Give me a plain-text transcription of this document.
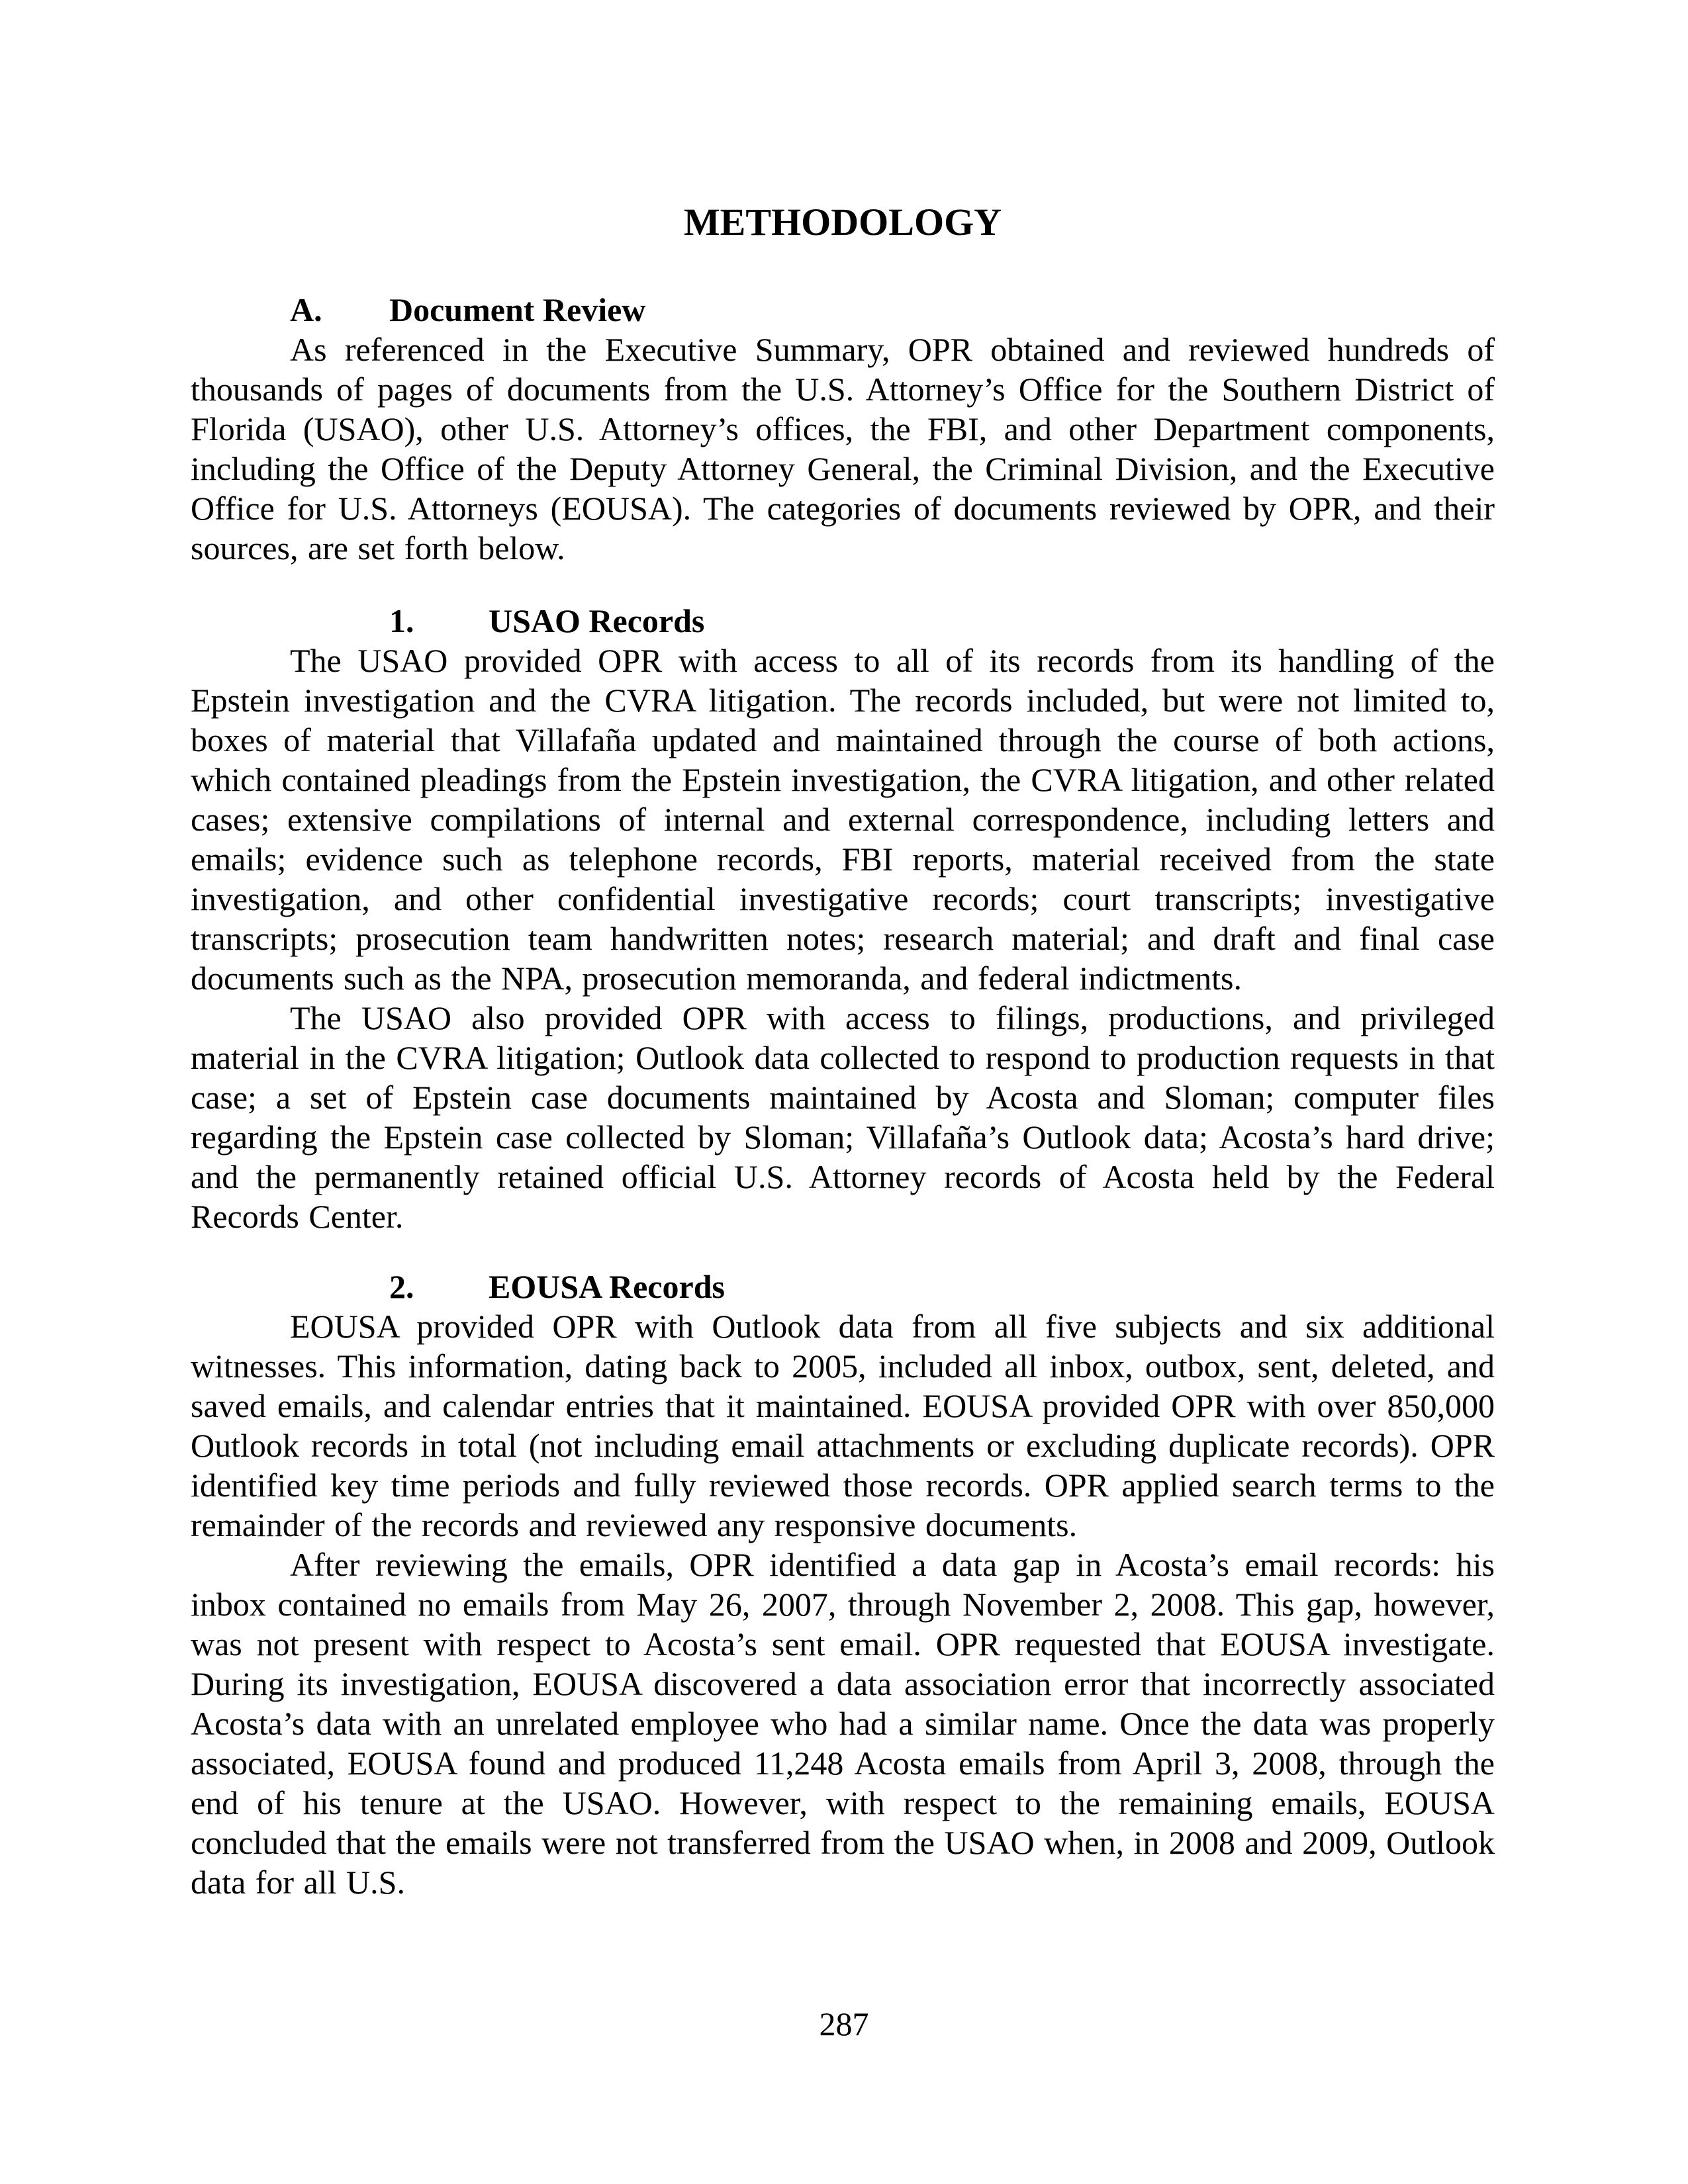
METHODOLOGY
A. Document Review

As referenced in the Executive Summary, OPR obtained and reviewed hundreds of thousands of pages of documents from the U.S. Attorney’s Office for the Southern District of Florida (USAO), other U.S. Attorney’s offices, the FBI, and other Department components, including the Office of the Deputy Attorney General, the Criminal Division, and the Executive Office for U.S. Attorneys (EOUSA). The categories of documents reviewed by OPR, and their sources, are set forth below.

1. USAO Records

The USAO provided OPR with access to all of its records from its handling of the Epstein investigation and the CVRA litigation. The records included, but were not limited to, boxes of material that Villafaña updated and maintained through the course of both actions, which contained pleadings from the Epstein investigation, the CVRA litigation, and other related cases; extensive compilations of internal and external correspondence, including letters and emails; evidence such as telephone records, FBI reports, material received from the state investigation, and other confidential investigative records; court transcripts; investigative transcripts; prosecution team handwritten notes; research material; and draft and final case documents such as the NPA, prosecution memoranda, and federal indictments.

The USAO also provided OPR with access to filings, productions, and privileged material in the CVRA litigation; Outlook data collected to respond to production requests in that case; a set of Epstein case documents maintained by Acosta and Sloman; computer files regarding the Epstein case collected by Sloman; Villafaña’s Outlook data; Acosta’s hard drive; and the permanently retained official U.S. Attorney records of Acosta held by the Federal Records Center.

2. EOUSA Records

EOUSA provided OPR with Outlook data from all five subjects and six additional witnesses. This information, dating back to 2005, included all inbox, outbox, sent, deleted, and saved emails, and calendar entries that it maintained. EOUSA provided OPR with over 850,000 Outlook records in total (not including email attachments or excluding duplicate records). OPR identified key time periods and fully reviewed those records. OPR applied search terms to the remainder of the records and reviewed any responsive documents.

After reviewing the emails, OPR identified a data gap in Acosta’s email records: his inbox contained no emails from May 26, 2007, through November 2, 2008. This gap, however, was not present with respect to Acosta’s sent email. OPR requested that EOUSA investigate. During its investigation, EOUSA discovered a data association error that incorrectly associated Acosta’s data with an unrelated employee who had a similar name. Once the data was properly associated, EOUSA found and produced 11,248 Acosta emails from April 3, 2008, through the end of his tenure at the USAO. However, with respect to the remaining emails, EOUSA concluded that the emails were not transferred from the USAO when, in 2008 and 2009, Outlook data for all U.S.

287
